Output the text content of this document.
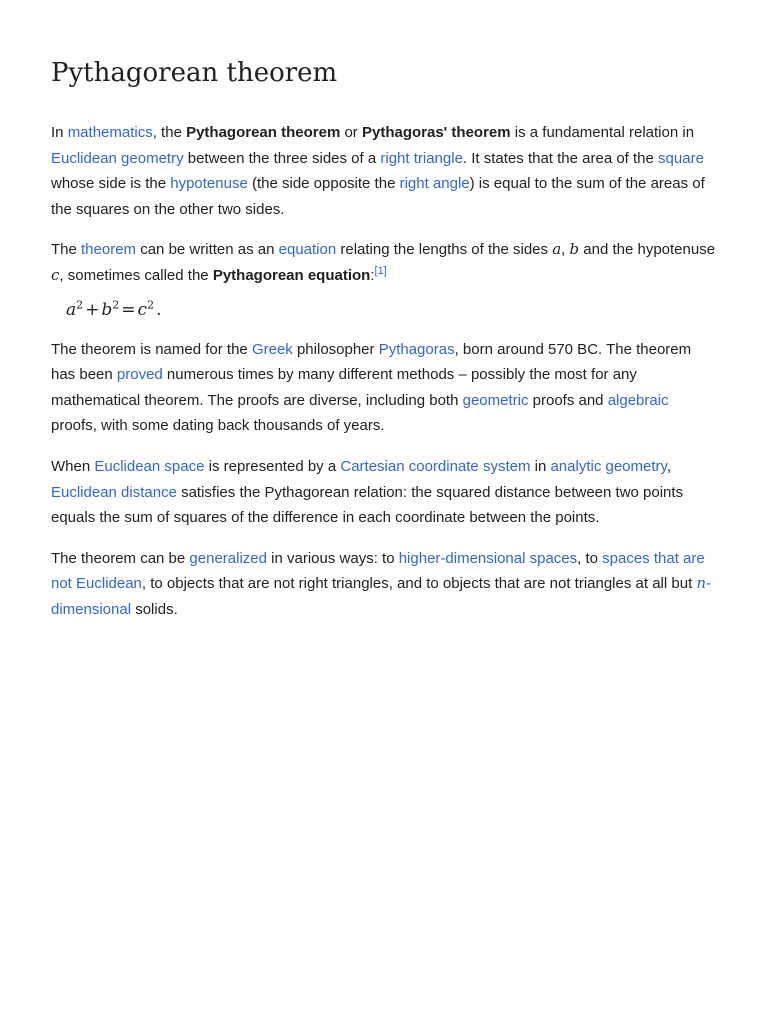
Pythagorean theorem

In mathematics, the Pythagorean theorem or Pythagoras' theorem is a fundamental relation in Euclidean geometry between the three sides of a right triangle. It states that the area of the square whose side is the hypotenuse (the side opposite the right angle) is equal to the sum of the areas of the squares on the other two sides.

The theorem can be written as an equation relating the lengths of the sides a, b and the hypotenuse c, sometimes called the Pythagorean equation:[1]

$a^2 + b^2 = c^2$ .

The theorem is named for the Greek philosopher Pythagoras, born around 570 BC. The theorem has been proved numerous times by many different methods – possibly the most for any mathematical theorem. The proofs are diverse, including both geometric proofs and algebraic proofs, with some dating back thousands of years.

When Euclidean space is represented by a Cartesian coordinate system in analytic geometry, Euclidean distance satisfies the Pythagorean relation: the squared distance between two points equals the sum of squares of the difference in each coordinate between the points.

The theorem can be generalized in various ways: to higher-dimensional spaces, to spaces that are not Euclidean, to objects that are not right triangles, and to objects that are not triangles at all but n-dimensional solids.
